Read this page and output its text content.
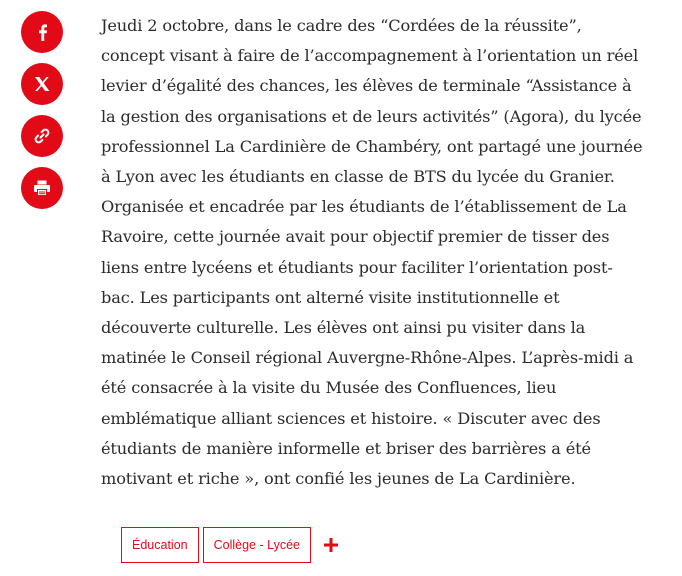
Jeudi 2 octobre, dans le cadre des “Cordées de la réussite”, concept visant à faire de l’accompagnement à l’orientation un réel levier d’égalité des chances, les élèves de terminale “Assistance à la gestion des organisations et de leurs activités” (Agora), du lycée professionnel La Cardinière de Chambéry, ont partagé une journée à Lyon avec les étudiants en classe de BTS du lycée du Granier. Organisée et encadrée par les étudiants de l’établissement de La Ravoire, cette journée avait pour objectif premier de tisser des liens entre lycéens et étudiants pour faciliter l’orientation post-bac. Les participants ont alterné visite institutionnelle et découverte culturelle. Les élèves ont ainsi pu visiter dans la matinée le Conseil régional Auvergne-Rhône-Alpes. L’après-midi a été consacrée à la visite du Musée des Confluences, lieu emblématique alliant sciences et histoire. « Discuter avec des étudiants de manière informelle et briser des barrières a été motivant et riche », ont confié les jeunes de La Cardinière.

Éducation	Collège - Lycée
